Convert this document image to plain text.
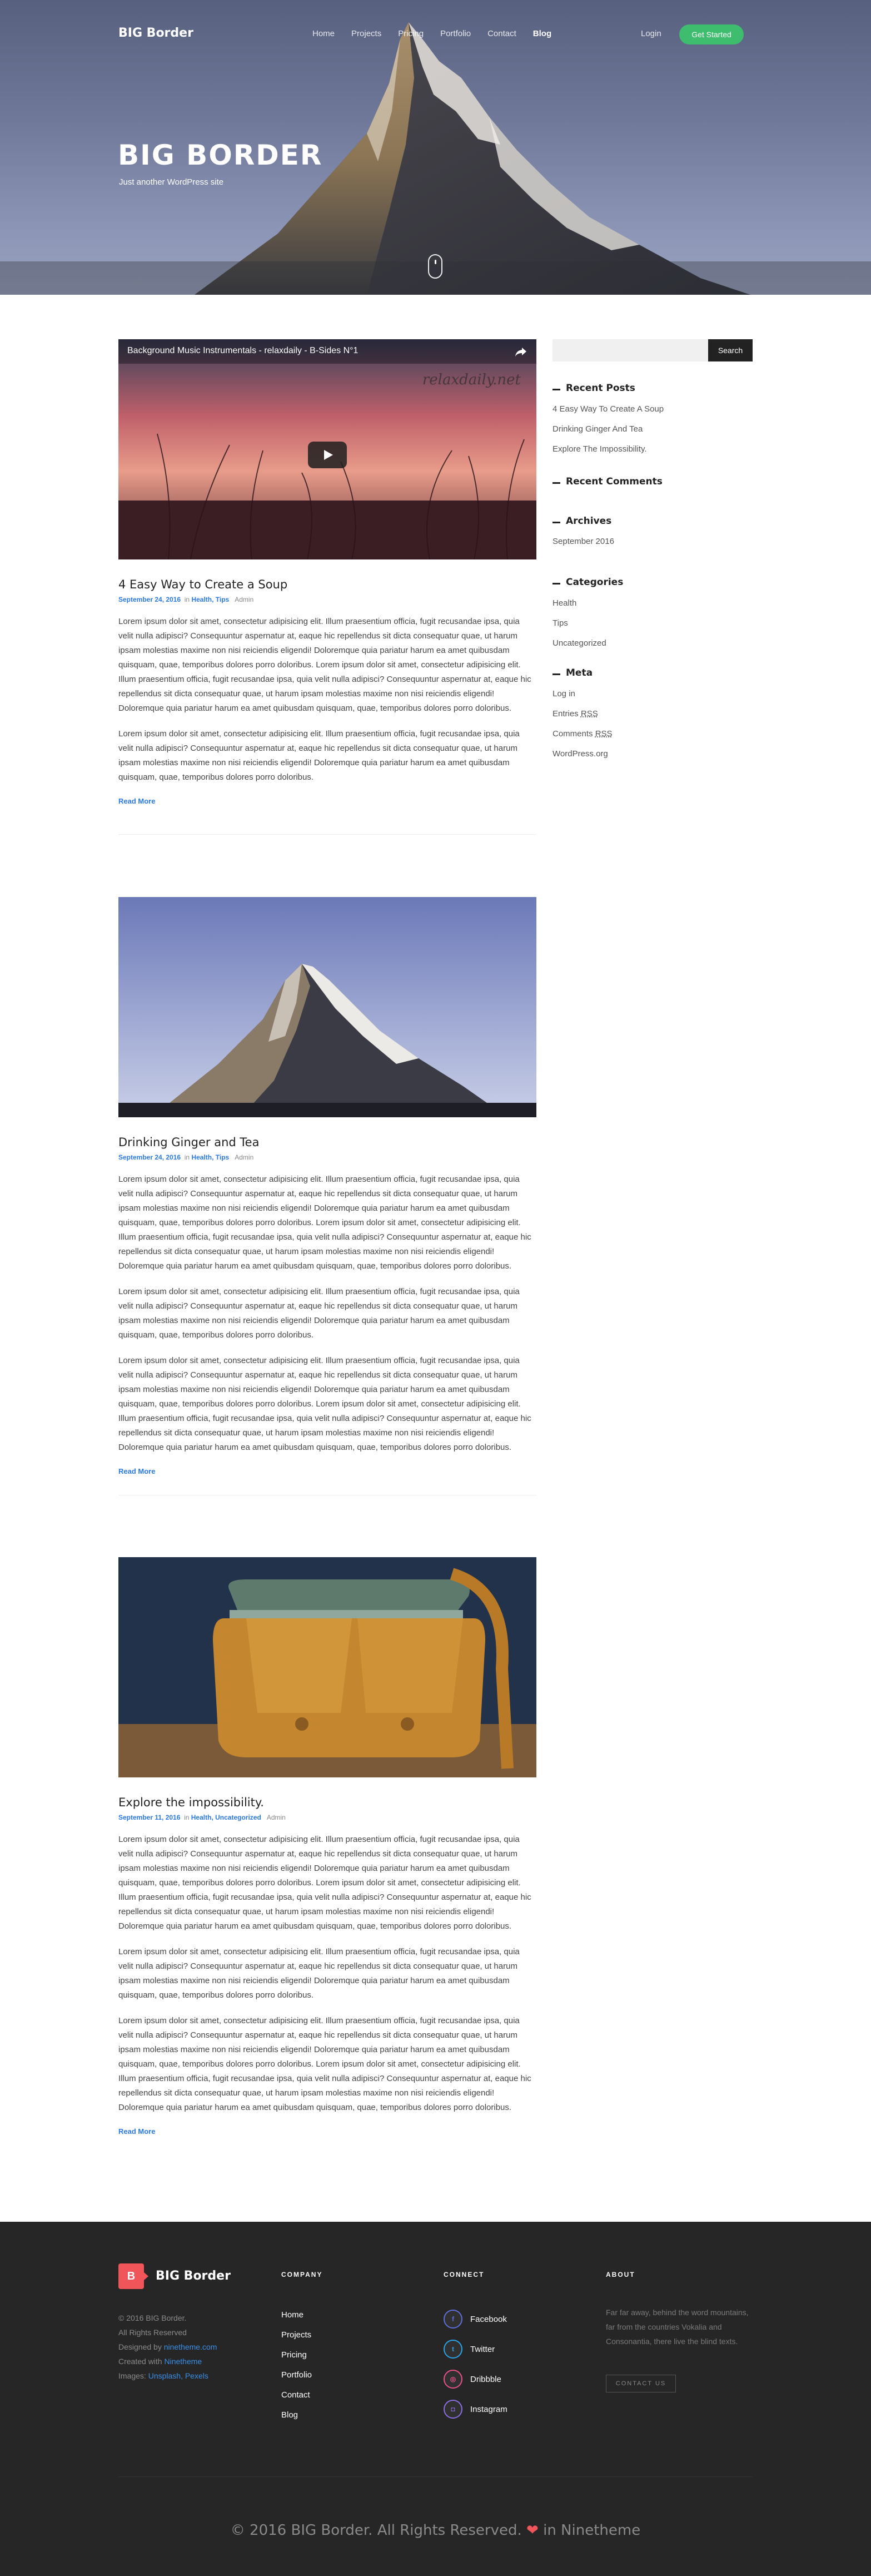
BIG Border	Home Projects Pricing Portfolio Contact Blog	Login	Get Started
BIG BORDER
Just another WordPress site
Background Music Instrumentals - relaxdaily - B-Sides N°1
relaxdaily.net
4 Easy Way to Create a Soup
September 24, 2016 in Health, Tips Admin

Lorem ipsum dolor sit amet, consectetur adipisicing elit. Illum praesentium officia, fugit recusandae ipsa, quia velit nulla adipisci? Consequuntur aspernatur at, eaque hic repellendus sit dicta consequatur quae, ut harum ipsam molestias maxime non nisi reiciendis eligendi! Doloremque quia pariatur harum ea amet quibusdam quisquam, quae, temporibus dolores porro doloribus. Lorem ipsum dolor sit amet, consectetur adipisicing elit. Illum praesentium officia, fugit recusandae ipsa, quia velit nulla adipisci? Consequuntur aspernatur at, eaque hic repellendus sit dicta consequatur quae, ut harum ipsam molestias maxime non nisi reiciendis eligendi! Doloremque quia pariatur harum ea amet quibusdam quisquam, quae, temporibus dolores porro doloribus.

Lorem ipsum dolor sit amet, consectetur adipisicing elit. Illum praesentium officia, fugit recusandae ipsa, quia velit nulla adipisci? Consequuntur aspernatur at, eaque hic repellendus sit dicta consequatur quae, ut harum ipsam molestias maxime non nisi reiciendis eligendi! Doloremque quia pariatur harum ea amet quibusdam quisquam, quae, temporibus dolores porro doloribus.

Read More
Drinking Ginger and Tea
September 24, 2016 in Health, Tips Admin

Lorem ipsum dolor sit amet, consectetur adipisicing elit. Illum praesentium officia, fugit recusandae ipsa, quia velit nulla adipisci? Consequuntur aspernatur at, eaque hic repellendus sit dicta consequatur quae, ut harum ipsam molestias maxime non nisi reiciendis eligendi! Doloremque quia pariatur harum ea amet quibusdam quisquam, quae, temporibus dolores porro doloribus. Lorem ipsum dolor sit amet, consectetur adipisicing elit. Illum praesentium officia, fugit recusandae ipsa, quia velit nulla adipisci? Consequuntur aspernatur at, eaque hic repellendus sit dicta consequatur quae, ut harum ipsam molestias maxime non nisi reiciendis eligendi! Doloremque quia pariatur harum ea amet quibusdam quisquam, quae, temporibus dolores porro doloribus.

Lorem ipsum dolor sit amet, consectetur adipisicing elit. Illum praesentium officia, fugit recusandae ipsa, quia velit nulla adipisci? Consequuntur aspernatur at, eaque hic repellendus sit dicta consequatur quae, ut harum ipsam molestias maxime non nisi reiciendis eligendi! Doloremque quia pariatur harum ea amet quibusdam quisquam, quae, temporibus dolores porro doloribus.

Lorem ipsum dolor sit amet, consectetur adipisicing elit. Illum praesentium officia, fugit recusandae ipsa, quia velit nulla adipisci? Consequuntur aspernatur at, eaque hic repellendus sit dicta consequatur quae, ut harum ipsam molestias maxime non nisi reiciendis eligendi! Doloremque quia pariatur harum ea amet quibusdam quisquam, quae, temporibus dolores porro doloribus. Lorem ipsum dolor sit amet, consectetur adipisicing elit. Illum praesentium officia, fugit recusandae ipsa, quia velit nulla adipisci? Consequuntur aspernatur at, eaque hic repellendus sit dicta consequatur quae, ut harum ipsam molestias maxime non nisi reiciendis eligendi! Doloremque quia pariatur harum ea amet quibusdam quisquam, quae, temporibus dolores porro doloribus.

Read More
Explore the impossibility.
September 11, 2016 in Health, Uncategorized Admin

Lorem ipsum dolor sit amet, consectetur adipisicing elit. Illum praesentium officia, fugit recusandae ipsa, quia velit nulla adipisci? Consequuntur aspernatur at, eaque hic repellendus sit dicta consequatur quae, ut harum ipsam molestias maxime non nisi reiciendis eligendi! Doloremque quia pariatur harum ea amet quibusdam quisquam, quae, temporibus dolores porro doloribus. Lorem ipsum dolor sit amet, consectetur adipisicing elit. Illum praesentium officia, fugit recusandae ipsa, quia velit nulla adipisci? Consequuntur aspernatur at, eaque hic repellendus sit dicta consequatur quae, ut harum ipsam molestias maxime non nisi reiciendis eligendi! Doloremque quia pariatur harum ea amet quibusdam quisquam, quae, temporibus dolores porro doloribus.

Lorem ipsum dolor sit amet, consectetur adipisicing elit. Illum praesentium officia, fugit recusandae ipsa, quia velit nulla adipisci? Consequuntur aspernatur at, eaque hic repellendus sit dicta consequatur quae, ut harum ipsam molestias maxime non nisi reiciendis eligendi! Doloremque quia pariatur harum ea amet quibusdam quisquam, quae, temporibus dolores porro doloribus.

Lorem ipsum dolor sit amet, consectetur adipisicing elit. Illum praesentium officia, fugit recusandae ipsa, quia velit nulla adipisci? Consequuntur aspernatur at, eaque hic repellendus sit dicta consequatur quae, ut harum ipsam molestias maxime non nisi reiciendis eligendi! Doloremque quia pariatur harum ea amet quibusdam quisquam, quae, temporibus dolores porro doloribus. Lorem ipsum dolor sit amet, consectetur adipisicing elit. Illum praesentium officia, fugit recusandae ipsa, quia velit nulla adipisci? Consequuntur aspernatur at, eaque hic repellendus sit dicta consequatur quae, ut harum ipsam molestias maxime non nisi reiciendis eligendi! Doloremque quia pariatur harum ea amet quibusdam quisquam, quae, temporibus dolores porro doloribus.

Read More
Search
Recent Posts
4 Easy Way To Create A Soup
Drinking Ginger And Tea
Explore The Impossibility.
Recent Comments
Archives
September 2016
Categories
Health
Tips
Uncategorized
Meta
Log in
Entries RSS
Comments RSS
WordPress.org
B	BIG Border
© 2016 BIG Border.
All Rights Reserved
Designed by ninetheme.com
Created with Ninetheme
Images: Unsplash, Pexels
COMPANY
Home
Projects
Pricing
Portfolio
Contact
Blog
CONNECT
f	Facebook
t	Twitter
◎	Dribbble
◘	Instagram
ABOUT
Far far away, behind the word mountains, far from the countries Vokalia and Consonantia, there live the blind texts.
CONTACT US
© 2016 BIG Border. All Rights Reserved. ❤ in Ninetheme
